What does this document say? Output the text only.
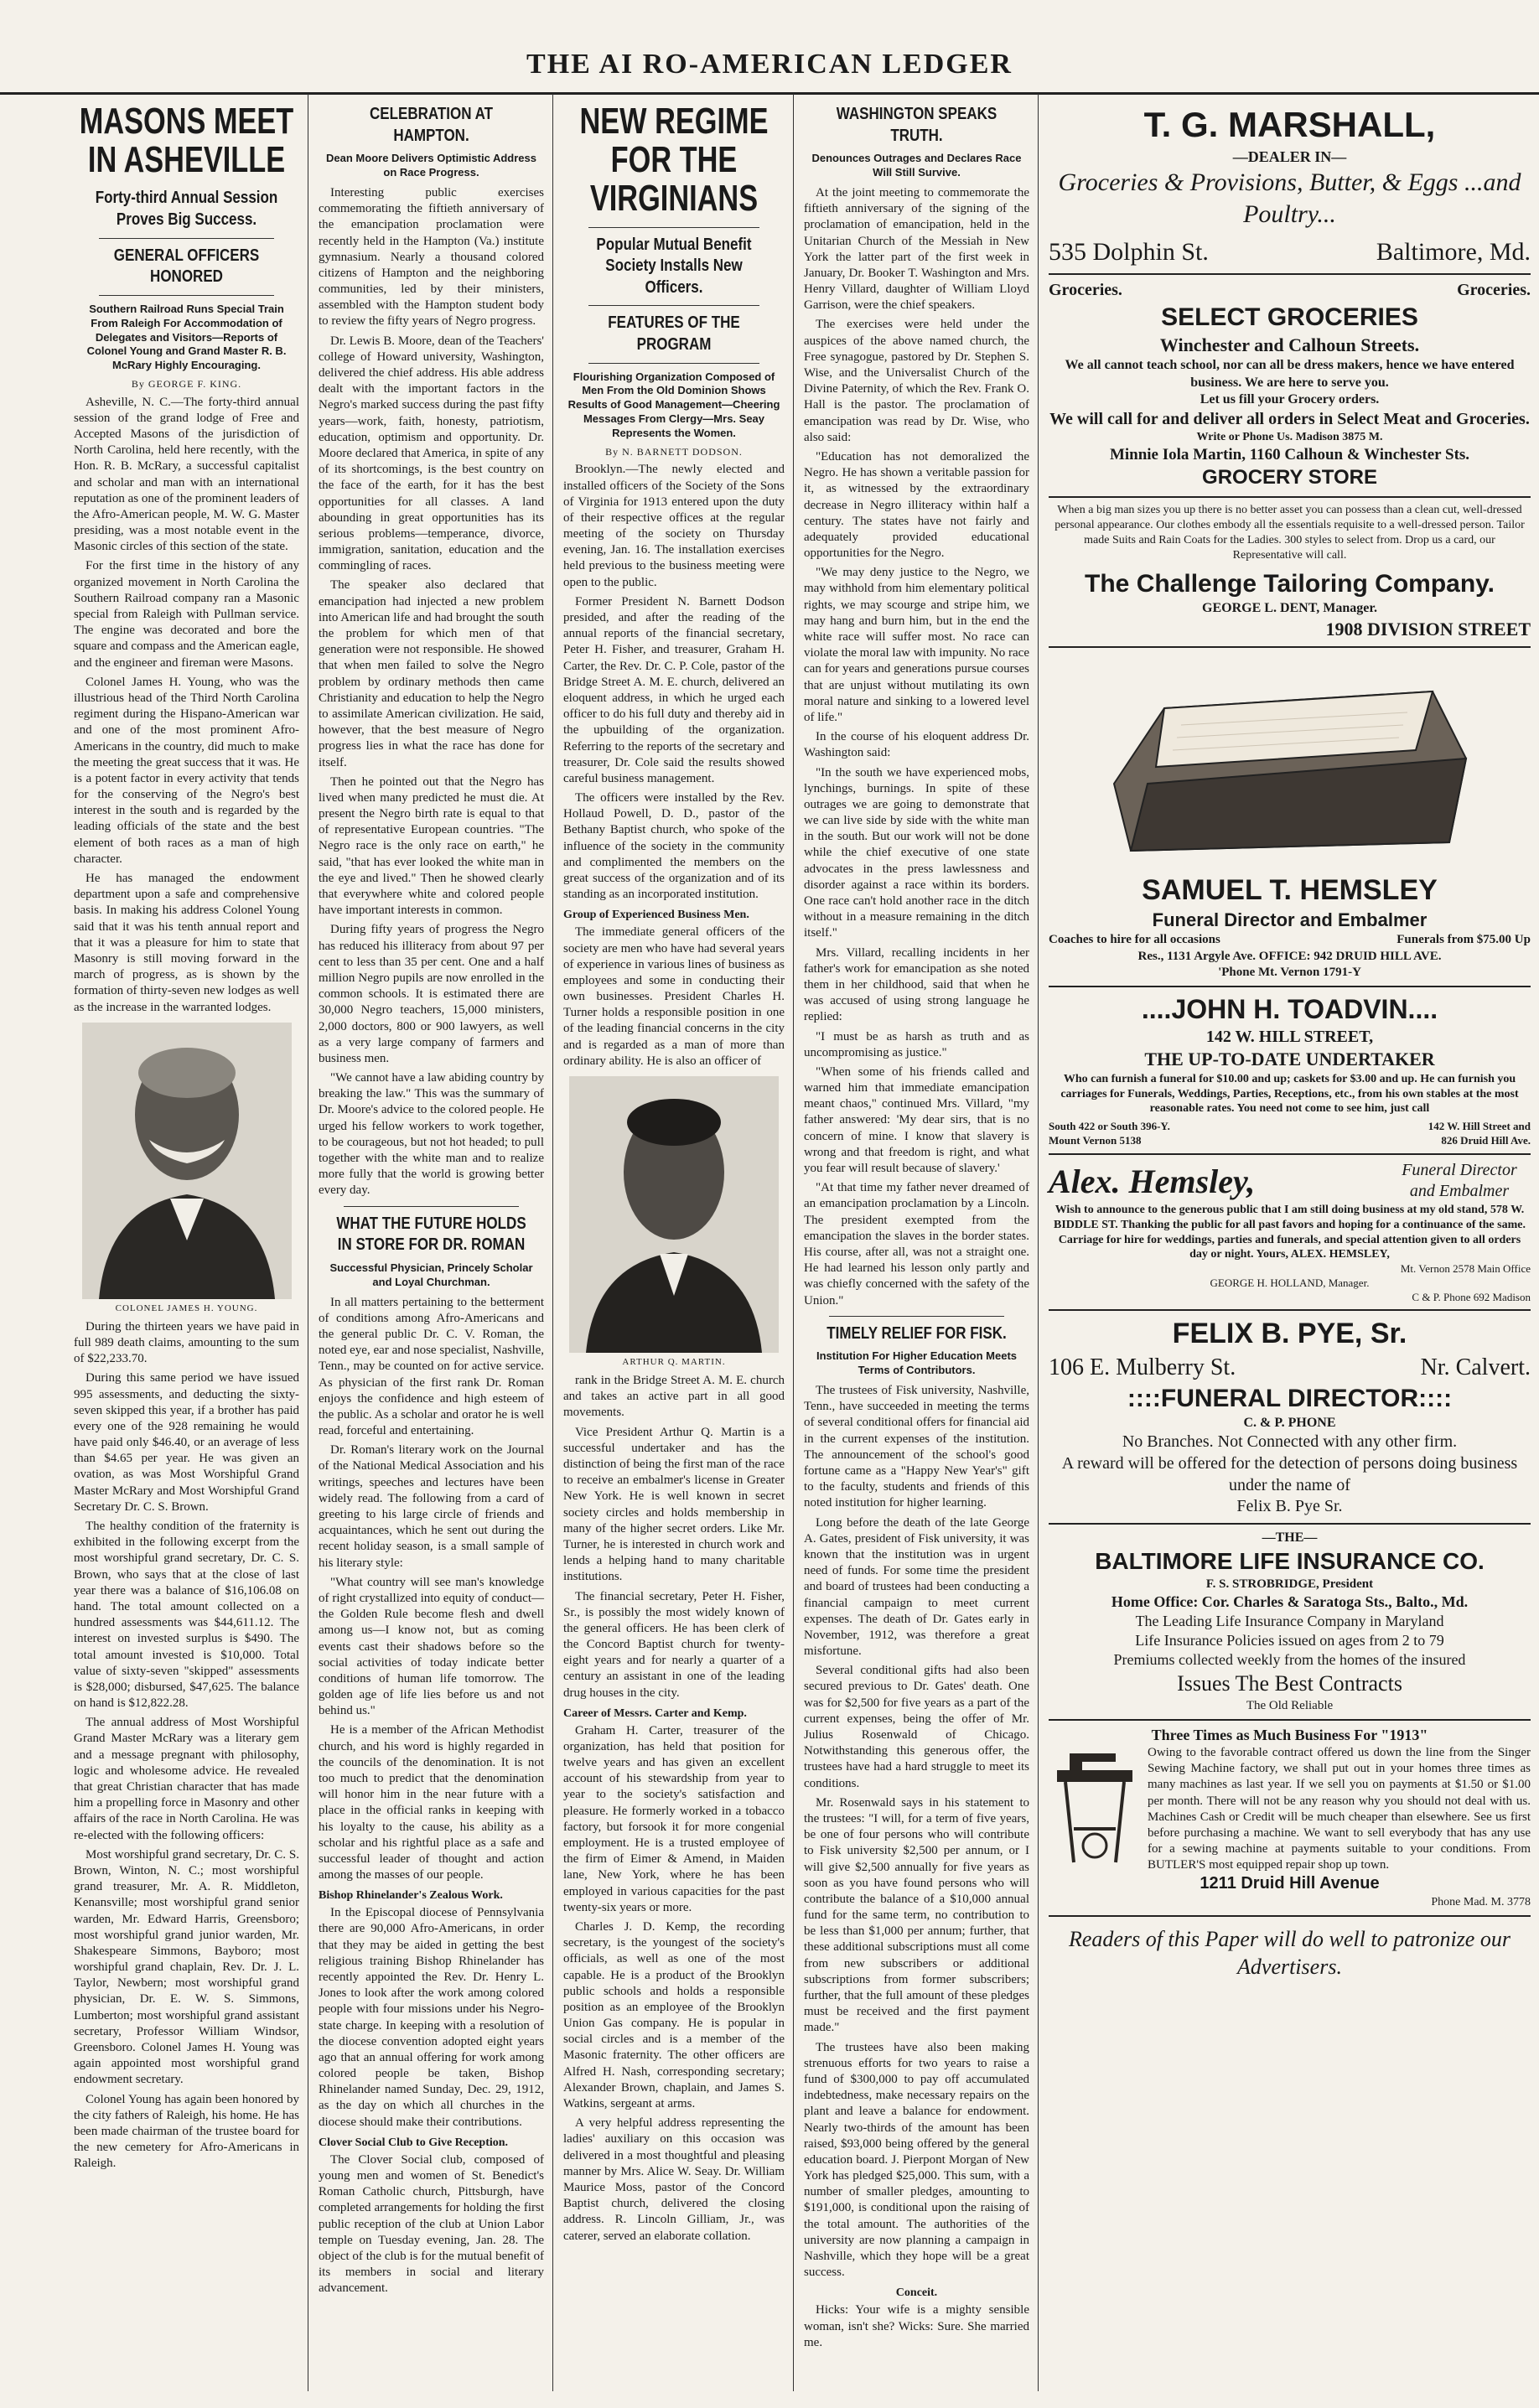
THE AI RO-AMERICAN LEDGER
MASONS MEET IN ASHEVILLE
Forty-third Annual Session Proves Big Success.
GENERAL OFFICERS HONORED
Southern Railroad Runs Special Train From Raleigh For Accommodation of Delegates and Visitors—Reports of Colonel Young and Grand Master R. B. McRary Highly Encouraging.
By GEORGE F. KING.

Asheville, N. C.—The forty-third annual session of the grand lodge of Free and Accepted Masons of the jurisdiction of North Carolina, held here recently, with the Hon. R. B. McRary, a successful capitalist and scholar and man with an international reputation as one of the prominent leaders of the Afro-American people, M. W. G. Master presiding, was a most notable event in the Masonic circles of this section of the state.

For the first time in the history of any organized movement in North Carolina the Southern Railroad company ran a Masonic special from Raleigh with Pullman service. The engine was decorated and bore the square and compass and the American eagle, and the engineer and fireman were Masons.

Colonel James H. Young, who was the illustrious head of the Third North Carolina regiment during the Hispano-American war and one of the most prominent Afro-Americans in the country, did much to make the meeting the great success that it was. He is a potent factor in every activity that tends for the conserving of the Negro's best interest in the south and is regarded by the leading officials of the state and the best element of both races as a man of high character.

He has managed the endowment department upon a safe and comprehensive basis. In making his address Colonel Young said that it was his tenth annual report and that it was a pleasure for him to state that Masonry is still moving forward in the march of progress, as is shown by the formation of thirty-seven new lodges as well as the increase in the warranted lodges.

COLONEL JAMES H. YOUNG.

During the thirteen years we have paid in full 989 death claims, amounting to the sum of $22,233.70.

During this same period we have issued 995 assessments, and deducting the sixty-seven skipped this year, if a brother has paid every one of the 928 remaining he would have paid only $46.40, or an average of less than $4.65 per year. He was given an ovation, as was Most Worshipful Grand Master McRary and Most Worshipful Grand Secretary Dr. C. S. Brown.

The healthy condition of the fraternity is exhibited in the following excerpt from the most worshipful grand secretary, Dr. C. S. Brown, who says that at the close of last year there was a balance of $16,106.08 on hand. The total amount collected on a hundred assessments was $44,611.12. The interest on invested surplus is $490. The total amount invested is $10,000. Total value of sixty-seven "skipped" assessments is $28,000; disbursed, $47,625. The balance on hand is $12,822.28.

The annual address of Most Worshipful Grand Master McRary was a literary gem and a message pregnant with philosophy, logic and wholesome advice. He revealed that great Christian character that has made him a propelling force in Masonry and other affairs of the race in North Carolina. He was re-elected with the following officers:

Most worshipful grand secretary, Dr. C. S. Brown, Winton, N. C.; most worshipful grand treasurer, Mr. A. R. Middleton, Kenansville; most worshipful grand senior warden, Mr. Edward Harris, Greensboro; most worshipful grand junior warden, Mr. Shakespeare Simmons, Bayboro; most worshipful grand chaplain, Rev. Dr. J. L. Taylor, Newbern; most worshipful grand physician, Dr. E. W. S. Simmons, Lumberton; most worshipful grand assistant secretary, Professor William Windsor, Greensboro. Colonel James H. Young was again appointed most worshipful grand endowment secretary.

Colonel Young has again been honored by the city fathers of Raleigh, his home. He has been made chairman of the trustee board for the new cemetery for Afro-Americans in Raleigh.

CELEBRATION AT HAMPTON.
Dean Moore Delivers Optimistic Address on Race Progress.

Interesting public exercises commemorating the fiftieth anniversary of the emancipation proclamation were recently held in the Hampton (Va.) institute gymnasium. Nearly a thousand colored citizens of Hampton and the neighboring communities, led by their ministers, assembled with the Hampton student body to review the fifty years of Negro progress.

Dr. Lewis B. Moore, dean of the Teachers' college of Howard university, Washington, delivered the chief address. His able address dealt with the important factors in the Negro's marked success during the past fifty years—work, faith, honesty, patriotism, education, optimism and opportunity. Dr. Moore declared that America, in spite of any of its shortcomings, is the best country on the face of the earth, for it has the best opportunities for all classes. A land abounding in great opportunities has its serious problems—temperance, divorce, immigration, sanitation, education and the commingling of races.

The speaker also declared that emancipation had injected a new problem into American life and had brought the south the problem for which men of that generation were not responsible. He showed that when men failed to solve the Negro problem by ordinary methods then came Christianity and education to help the Negro to assimilate American civilization. He said, however, that the best measure of Negro progress lies in what the race has done for itself.

Then he pointed out that the Negro has lived when many predicted he must die. At present the Negro birth rate is equal to that of representative European countries. "The Negro race is the only race on earth," he said, "that has ever looked the white man in the eye and lived." Then he showed clearly that everywhere white and colored people have important interests in common.

During fifty years of progress the Negro has reduced his illiteracy from about 97 per cent to less than 35 per cent. One and a half million Negro pupils are now enrolled in the common schools. It is estimated there are 30,000 Negro teachers, 15,000 ministers, 2,000 doctors, 800 or 900 lawyers, as well as a very large company of farmers and business men.

"We cannot have a law abiding country by breaking the law." This was the summary of Dr. Moore's advice to the colored people. He urged his fellow workers to work together, to be courageous, but not hot headed; to pull together with the white man and to realize more fully that the world is growing better every day.

WHAT THE FUTURE HOLDS IN STORE FOR DR. ROMAN
Successful Physician, Princely Scholar and Loyal Churchman.

In all matters pertaining to the betterment of conditions among Afro-Americans and the general public Dr. C. V. Roman, the noted eye, ear and nose specialist, Nashville, Tenn., may be counted on for active service. As physician of the first rank Dr. Roman enjoys the confidence and high esteem of the public. As a scholar and orator he is well read, forceful and entertaining.

Dr. Roman's literary work on the Journal of the National Medical Association and his writings, speeches and lectures have been widely read. The following from a card of greeting to his large circle of friends and acquaintances, which he sent out during the recent holiday season, is a small sample of his literary style:

"What country will see man's knowledge of right crystallized into equity of conduct—the Golden Rule become flesh and dwell among us—I know not, but as coming events cast their shadows before so the social activities of today indicate better conditions of human life tomorrow. The golden age of life lies before us and not behind us."

He is a member of the African Methodist church, and his word is highly regarded in the councils of the denomination. It is not too much to predict that the denomination will honor him in the near future with a place in the official ranks in keeping with his loyalty to the cause, his ability as a scholar and his rightful place as a safe and successful leader of thought and action among the masses of our people.

Bishop Rhinelander's Zealous Work.

In the Episcopal diocese of Pennsylvania there are 90,000 Afro-Americans, in order that they may be aided in getting the best religious training Bishop Rhinelander has recently appointed the Rev. Dr. Henry L. Jones to look after the work among colored people with four missions under his Negro-state charge. In keeping with a resolution of the diocese convention adopted eight years ago that an annual offering for work among colored people be taken, Bishop Rhinelander named Sunday, Dec. 29, 1912, as the day on which all churches in the diocese should make their contributions.

Clover Social Club to Give Reception.

The Clover Social club, composed of young men and women of St. Benedict's Roman Catholic church, Pittsburgh, have completed arrangements for holding the first public reception of the club at Union Labor temple on Tuesday evening, Jan. 28. The object of the club is for the mutual benefit of its members in social and literary advancement.

NEW REGIME FOR THE VIRGINIANS
Popular Mutual Benefit Society Installs New Officers.
FEATURES OF THE PROGRAM
Flourishing Organization Composed of Men From the Old Dominion Shows Results of Good Management—Cheering Messages From Clergy—Mrs. Seay Represents the Women.
By N. BARNETT DODSON.

Brooklyn.—The newly elected and installed officers of the Society of the Sons of Virginia for 1913 entered upon the duty of their respective offices at the regular meeting of the society on Thursday evening, Jan. 16. The installation exercises held previous to the business meeting were open to the public.

Former President N. Barnett Dodson presided, and after the reading of the annual reports of the financial secretary, Peter H. Fisher, and treasurer, Graham H. Carter, the Rev. Dr. C. P. Cole, pastor of the Bridge Street A. M. E. church, delivered an eloquent address, in which he urged each officer to do his full duty and thereby aid in the upbuilding of the organization. Referring to the reports of the secretary and treasurer, Dr. Cole said the results showed careful business management.

The officers were installed by the Rev. Hollaud Powell, D. D., pastor of the Bethany Baptist church, who spoke of the influence of the society in the community and complimented the members on the great success of the organization and of its standing as an incorporated institution.

Group of Experienced Business Men.

The immediate general officers of the society are men who have had several years of experience in various lines of business as employees and some in conducting their own businesses. President Charles H. Turner holds a responsible position in one of the leading financial concerns in the city and is regarded as a man of more than ordinary ability. He is also an officer of

ARTHUR Q. MARTIN.

rank in the Bridge Street A. M. E. church and takes an active part in all good movements.

Vice President Arthur Q. Martin is a successful undertaker and has the distinction of being the first man of the race to receive an embalmer's license in Greater New York. He is well known in secret society circles and holds membership in many of the higher secret orders. Like Mr. Turner, he is interested in church work and lends a helping hand to many charitable institutions.

The financial secretary, Peter H. Fisher, Sr., is possibly the most widely known of the general officers. He has been clerk of the Concord Baptist church for twenty-eight years and for nearly a quarter of a century an assistant in one of the leading drug houses in the city.

Career of Messrs. Carter and Kemp.

Graham H. Carter, treasurer of the organization, has held that position for twelve years and has given an excellent account of his stewardship from year to year to the society's satisfaction and pleasure. He formerly worked in a tobacco factory, but forsook it for more congenial employment. He is a trusted employee of the firm of Eimer & Amend, in Maiden lane, New York, where he has been employed in various capacities for the past twenty-six years or more.

Charles J. D. Kemp, the recording secretary, is the youngest of the society's officials, as well as one of the most capable. He is a product of the Brooklyn public schools and holds a responsible position as an employee of the Brooklyn Union Gas company. He is popular in social circles and is a member of the Masonic fraternity. The other officers are Alfred H. Nash, corresponding secretary; Alexander Brown, chaplain, and James S. Watkins, sergeant at arms.

A very helpful address representing the ladies' auxiliary on this occasion was delivered in a most thoughtful and pleasing manner by Mrs. Alice W. Seay. Dr. William Maurice Moss, pastor of the Concord Baptist church, delivered the closing address. R. Lincoln Gilliam, Jr., was caterer, served an elaborate collation.

WASHINGTON SPEAKS TRUTH.
Denounces Outrages and Declares Race Will Still Survive.

At the joint meeting to commemorate the fiftieth anniversary of the signing of the proclamation of emancipation, held in the Unitarian Church of the Messiah in New York the latter part of the first week in January, Dr. Booker T. Washington and Mrs. Henry Villard, daughter of William Lloyd Garrison, were the chief speakers.

The exercises were held under the auspices of the above named church, the Free synagogue, pastored by Dr. Stephen S. Wise, and the Universalist Church of the Divine Paternity, of which the Rev. Frank O. Hall is the pastor. The proclamation of emancipation was read by Dr. Wise, who also said:

"Education has not demoralized the Negro. He has shown a veritable passion for it, as witnessed by the extraordinary decrease in Negro illiteracy within half a century. The states have not fairly and adequately provided educational opportunities for the Negro.

"We may deny justice to the Negro, we may withhold from him elementary political rights, we may scourge and stripe him, we may hang and burn him, but in the end the white race will suffer most. No race can violate the moral law with impunity. No race can for years and generations pursue courses that are unjust without mutilating its own moral nature and sinking to a lowered level of life."

In the course of his eloquent address Dr. Washington said:

"In the south we have experienced mobs, lynchings, burnings. In spite of these outrages we are going to demonstrate that we can live side by side with the white man in the south. But our work will not be done while the chief executive of one state advocates in the press lawlessness and disorder against a race within its borders. One race can't hold another race in the ditch without in a measure remaining in the ditch itself."

Mrs. Villard, recalling incidents in her father's work for emancipation as she noted them in her childhood, said that when he was accused of using strong language he replied:

"I must be as harsh as truth and as uncompromising as justice."

"When some of his friends called and warned him that immediate emancipation meant chaos," continued Mrs. Villard, "my father answered: 'My dear sirs, that is no concern of mine. I know that slavery is wrong and that freedom is right, and what you fear will result because of slavery.'

"At that time my father never dreamed of an emancipation proclamation by a Lincoln. The president exempted from the emancipation the slaves in the border states. His course, after all, was not a straight one. He had learned his lesson only partly and was chiefly concerned with the safety of the Union."

TIMELY RELIEF FOR FISK.
Institution For Higher Education Meets Terms of Contributors.

The trustees of Fisk university, Nashville, Tenn., have succeeded in meeting the terms of several conditional offers for financial aid in the current expenses of the institution. The announcement of the school's good fortune came as a "Happy New Year's" gift to the faculty, students and friends of this noted institution for higher learning.

Long before the death of the late George A. Gates, president of Fisk university, it was known that the institution was in urgent need of funds. For some time the president and board of trustees had been conducting a financial campaign to meet current expenses. The death of Dr. Gates early in November, 1912, was therefore a great misfortune.

Several conditional gifts had also been secured previous to Dr. Gates' death. One was for $2,500 for five years as a part of the current expenses, being the offer of Mr. Julius Rosenwald of Chicago. Notwithstanding this generous offer, the trustees have had a hard struggle to meet its conditions.

Mr. Rosenwald says in his statement to the trustees: "I will, for a term of five years, be one of four persons who will contribute to Fisk university $2,500 per annum, or I will give $2,500 annually for five years as soon as you have found persons who will contribute the balance of a $10,000 annual fund for the same term, no contribution to be less than $1,000 per annum; further, that these additional subscriptions must all come from new subscribers or additional subscriptions from former subscribers; further, that the full amount of these pledges must be received and the first payment made."

The trustees have also been making strenuous efforts for two years to raise a fund of $300,000 to pay off accumulated indebtedness, make necessary repairs on the plant and leave a balance for endowment. Nearly two-thirds of the amount has been raised, $93,000 being offered by the general education board. J. Pierpont Morgan of New York has pledged $25,000. This sum, with a number of smaller pledges, amounting to $191,000, is conditional upon the raising of the total amount. The authorities of the university are now planning a campaign in Nashville, which they hope will be a great success.

Conceit.

Hicks: Your wife is a mighty sensible woman, isn't she? Wicks: Sure. She married me.

T. G. MARSHALL,
—DEALER IN—
Groceries & Provisions, Butter, & Eggs ...and Poultry...
535 Dolphin St.	Baltimore, Md.
Groceries.	Groceries.
SELECT GROCERIES
Winchester and Calhoun Streets.
We all cannot teach school, nor can all be dress makers, hence we have entered business. We are here to serve you.
Let us fill your Grocery orders.
We will call for and deliver all orders in Select Meat and Groceries.
Write or Phone Us. Madison 3875 M.
Minnie Iola Martin, 1160 Calhoun & Winchester Sts.
GROCERY STORE
When a big man sizes you up there is no better asset you can possess than a clean cut, well-dressed personal appearance. Our clothes embody all the essentials requisite to a well-dressed person. Tailor made Suits and Rain Coats for the Ladies. 300 styles to select from. Drop us a card, our Representative will call.
The Challenge Tailoring Company.
GEORGE L. DENT, Manager.
1908 DIVISION STREET
SAMUEL T. HEMSLEY
Funeral Director and Embalmer
Coaches to hire for all occasions	Funerals from $75.00 Up
Res., 1131 Argyle Ave. OFFICE: 942 DRUID HILL AVE.
'Phone Mt. Vernon 1791-Y
....JOHN H. TOADVIN....
142 W. HILL STREET,
THE UP-TO-DATE UNDERTAKER
Who can furnish a funeral for $10.00 and up; caskets for $3.00 and up. He can furnish you carriages for Funerals, Weddings, Parties, Receptions, etc., from his own stables at the most reasonable rates. You need not come to see him, just call
South 422 or South 396-Y.	142 W. Hill Street and
Mount Vernon 5138	826 Druid Hill Ave.
Alex. Hemsley,	Funeral Director and Embalmer
Wish to announce to the generous public that I am still doing business at my old stand, 578 W. BIDDLE ST. Thanking the public for all past favors and hoping for a continuance of the same. Carriage for hire for weddings, parties and funerals, and special attention given to all orders day or night. Yours, ALEX. HEMSLEY,
Mt. Vernon 2578 Main Office
GEORGE H. HOLLAND, Manager.
C & P. Phone 692 Madison
FELIX B. PYE, Sr.
106 E. Mulberry St.	Nr. Calvert.
::::FUNERAL DIRECTOR::::
C. & P. PHONE
No Branches. Not Connected with any other firm.
A reward will be offered for the detection of persons doing business under the name of
Felix B. Pye Sr.
—THE—
BALTIMORE LIFE INSURANCE CO.
F. S. STROBRIDGE, President
Home Office: Cor. Charles & Saratoga Sts., Balto., Md.
The Leading Life Insurance Company in Maryland
Life Insurance Policies issued on ages from 2 to 79
Premiums collected weekly from the homes of the insured
Issues The Best Contracts
The Old Reliable
Three Times as Much Business For "1913"
Owing to the favorable contract offered us down the line from the Singer Sewing Machine factory, we shall put out in your homes three times as many machines as last year. If we sell you on payments at $1.50 or $1.00 per month. There will not be any reason why you should not deal with us. Machines Cash or Credit will be much cheaper than elsewhere. See us first before purchasing a machine. We want to sell everybody that has any use for a sewing machine at payments suitable to your conditions. From BUTLER'S most equipped repair shop up town.
1211 Druid Hill Avenue
Phone Mad. M. 3778
Readers of this Paper will do well to patronize our Advertisers.
